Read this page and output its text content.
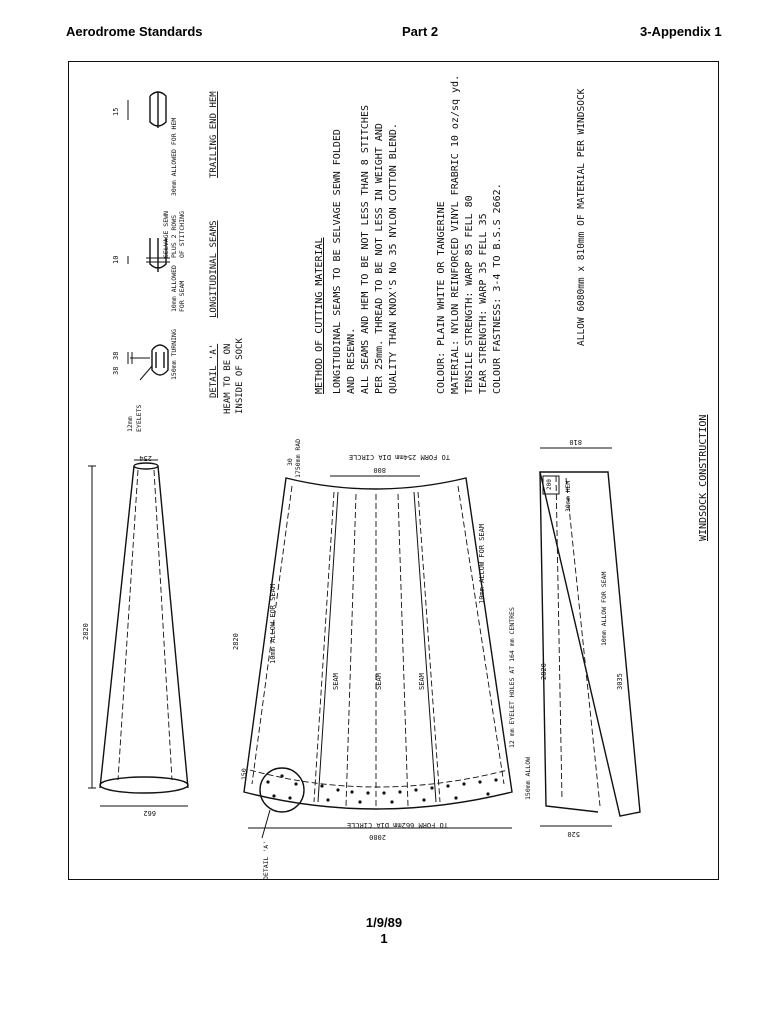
Aerodrome Standards	Part 2	3-Appendix 1
38
38	150mm TURNING
12mm EYELETS
DETAIL 'A' HEAM TO BE ON INSIDE OF SOCK
10
10mm ALLOWED FOR SEAM
SELVAGE SEWN PLUS 2 ROWS OF STITCHING	LONGITUDINAL SEAMS
15
30mm ALLOWED FOR HEM	TRAILING END HEM
METHOD OF CUTTING MATERIAL LONGITUDINAL SEAMS TO BE SELVAGE SEWN FOLDED AND RESEWN. ALL SEAMS AND HEM TO BE NOT LESS THAN 8 STITCHES PER 25mm. THREAD TO BE NOT LESS IN WEIGHT AND QUALITY THAN KNOX'S No 35 NYLON COTTON BLEND.	COLOUR: PLAIN WHITE OR TANGERINE MATERIAL: NYLON REINFORCED VINYL FRABRIC 10 oz/sq yd. TENSILE STRENGTH: WARP 85 FELL 80 TEAR STRENGTH: WARP 35 FELL 35 COLOUR FASTNESS: 3-4 TO B.S.S 2662.	ALLOW 6080mm x 810mm OF MATERIAL PER WINDSOCK
WINDSOCK CONSTRUCTION
2820
254
662
SEAM	SEAM	SEAM
10mm ALLOW FOR SEAM
10mm ALLOW FOR SEAM
2820
800
TO FORM 254mm DIA CIRCLE
1750mm RAD
30
2080
TO FORM 662mm DIA CIRCLE
150
12 mm EYELET HOLES AT 164 mm CENTRES
DETAIL 'A'
200
810
30mm HEM
2820
3035
10mm ALLOW FOR SEAM
150mm ALLOW
520
1/9/89
1
